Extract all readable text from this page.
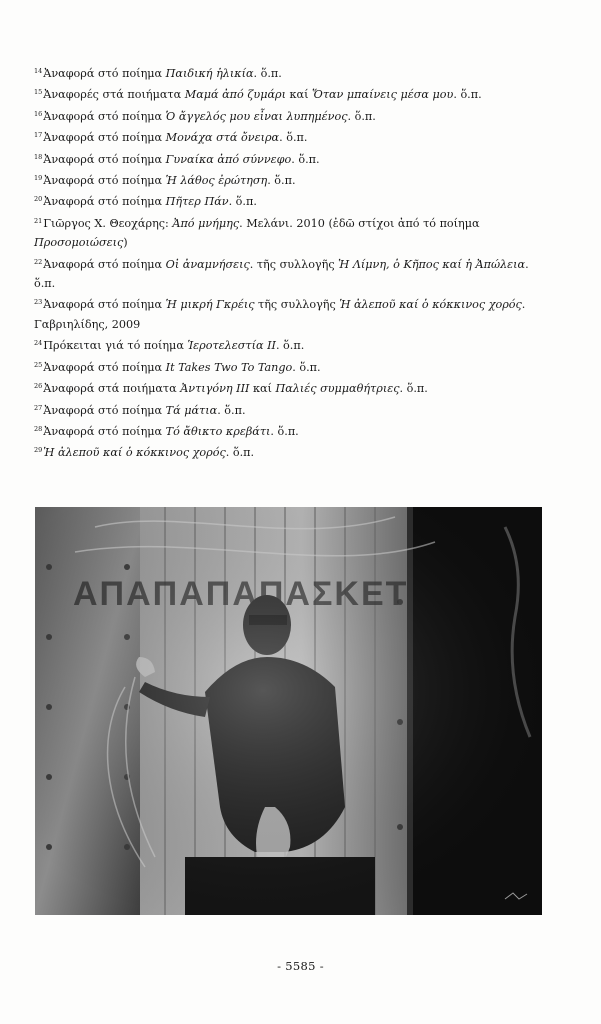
$^{14}$Ἀναφορά στό ποίημα Παιδική ἡλικία. ὅ.π.
$^{15}$Ἀναφορές στά ποιήματα Μαμά ἀπό ζυμάρι καί Ὅταν μπαίνεις μέσα μου. ὅ.π.
$^{16}$Ἀναφορά στό ποίημα Ὁ ἄγγελός μου εἶναι λυπημένος. ὅ.π.
$^{17}$Ἀναφορά στό ποίημα Μονάχα στά ὄνειρα. ὅ.π.
$^{18}$Ἀναφορά στό ποίημα Γυναίκα ἀπό σύννεφο. ὅ.π.
$^{19}$Ἀναφορά στό ποίημα Ἡ λάθος ἐρώτηση. ὅ.π.
$^{20}$Ἀναφορά στό ποίημα Πῆτερ Πάν. ὅ.π.
$^{21}$Γιῶργος Χ. Θεοχάρης: Ἀπό μνήμης. Μελάνι. 2010 (ἐδῶ στίχοι ἀπό τό ποίημα Προσομοιώσεις)
$^{22}$Ἀναφορά στό ποίημα Οἱ ἀναμνήσεις. τῆς συλλογῆς Ἡ Λίμνη, ὁ Κῆπος καί ἡ Ἀπώλεια. ὅ.π.
$^{23}$Ἀναφορά στό ποίημα Ἡ μικρή Γκρέις τῆς συλλογῆς Ἡ ἀλεποῦ καί ὁ κόκκινος χορός. Γαβριηλίδης, 2009
$^{24}$Πρόκειται γιά τό ποίημα Ἱεροτελεστία ΙΙ. ὅ.π.
$^{25}$Ἀναφορά στό ποίημα It Takes Two To Tango. ὅ.π.
$^{26}$Ἀναφορά στά ποιήματα Ἀντιγόνη ΙΙΙ καί Παλιές συμμαθήτριες. ὅ.π.
$^{27}$Ἀναφορά στό ποίημα Τά μάτια. ὅ.π.
$^{28}$Ἀναφορά στό ποίημα Τό ἄθικτο κρεβάτι. ὅ.π.
$^{29}$Ἡ ἀλεποῦ καί ὁ κόκκινος χορός. ὅ.π.
- 5585 -
